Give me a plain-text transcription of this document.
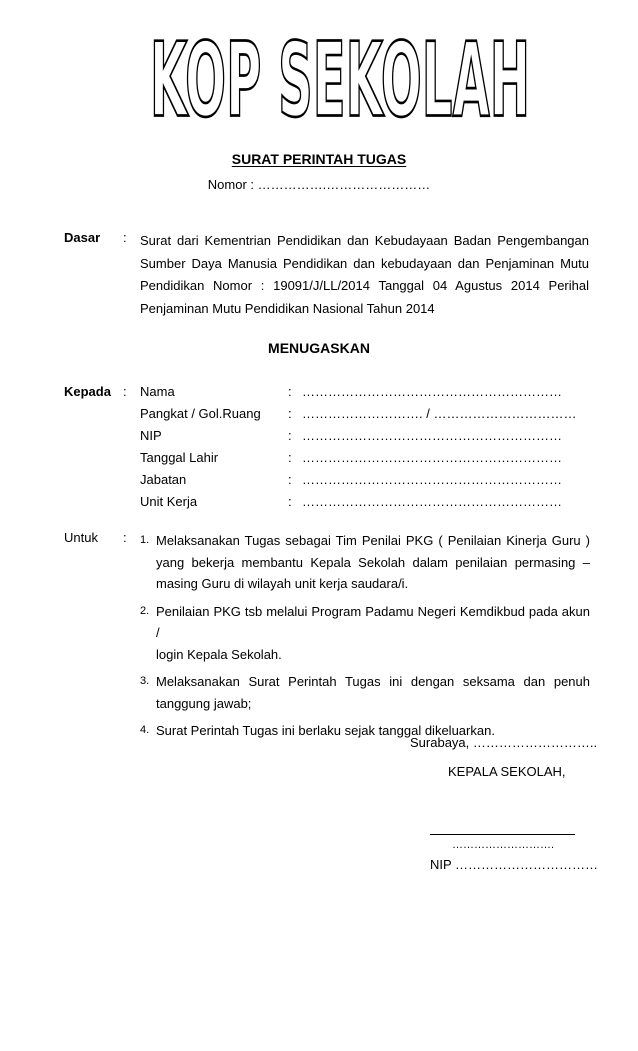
KOP SEKOLAH
SURAT PERINTAH TUGAS
Nomor : …………….……………………
Dasar : Surat dari Kementrian Pendidikan dan Kebudayaan Badan Pengembangan
Sumber Daya Manusia Pendidikan dan kebudayaan dan Penjaminan Mutu
Pendidikan Nomor : 19091/J/LL/2014 Tanggal 04 Agustus 2014 Perihal
Penjaminan Mutu Pendidikan Nasional Tahun 2014
MENUGASKAN
Kepada : Nama	: ……………………………………………………
Pangkat / Gol.Ruang : ………………………. / ……………………………
NIP	: ……………………………………………………
Tanggal Lahir	: ……………………………………………………
Jabatan	: ……………………………………………………
Unit Kerja	: ……………………………………………………
Untuk : 1. Melaksanakan Tugas sebagai Tim Penilai PKG ( Penilaian Kinerja Guru )
yang bekerja membantu Kepala Sekolah dalam penilaian permasing –
masing Guru di wilayah unit kerja saudara/i.
2. Penilaian PKG tsb melalui Program Padamu Negeri Kemdikbud pada akun /
login Kepala Sekolah.
3. Melaksanakan Surat Perintah Tugas ini dengan seksama dan penuh
tanggung jawab;
4. Surat Perintah Tugas ini berlaku sejak tanggal dikeluarkan.
Surabaya, ………………………..
KEPALA SEKOLAH,
……………………….
NIP ……………………………
